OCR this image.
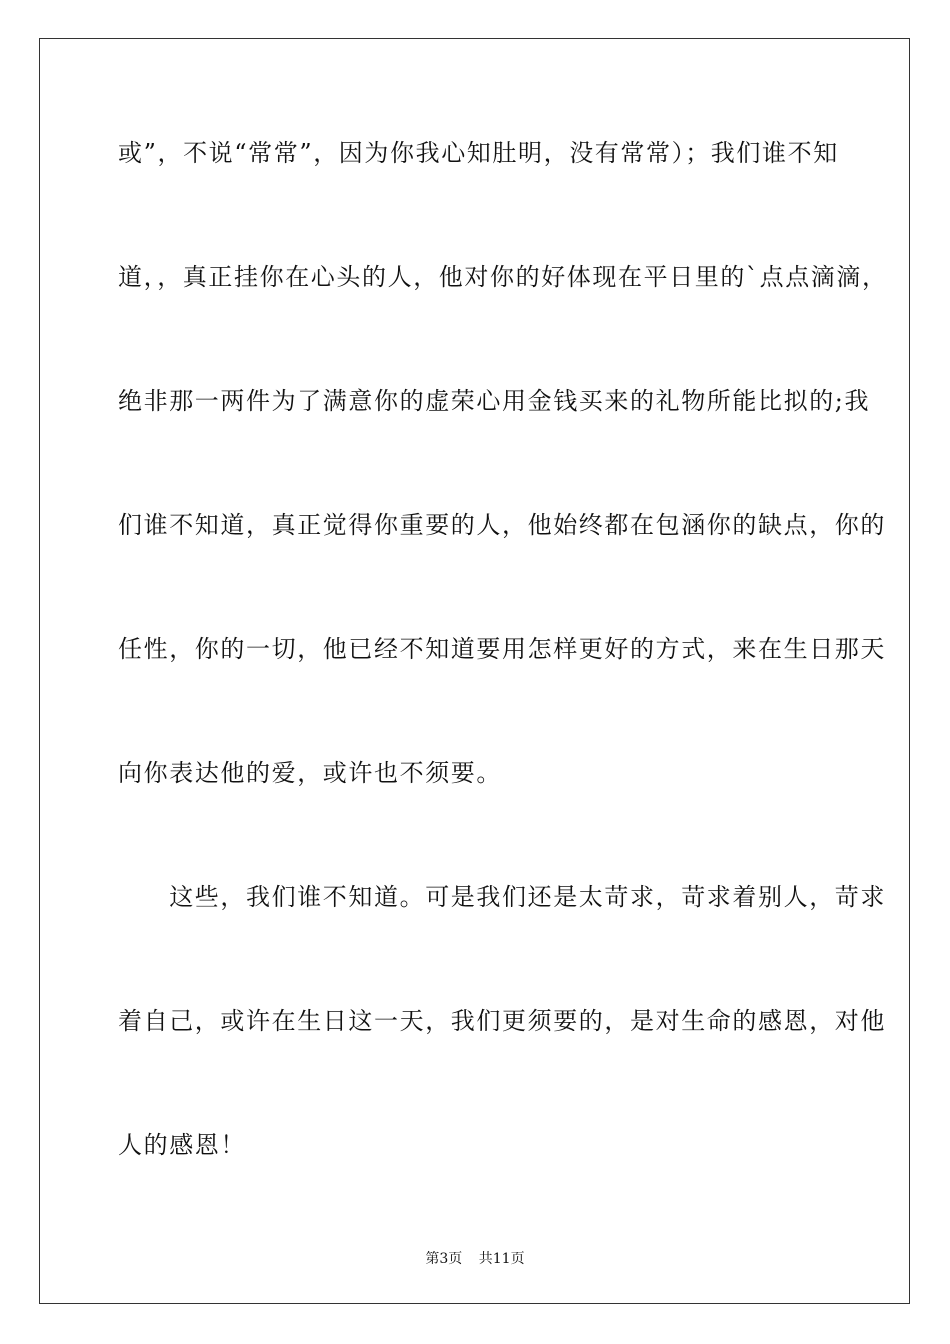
或”，不说“常常”，因为你我心知肚明，没有常常）；我们谁不知
道，，真正挂你在心头的人，他对你的好体现在平日里的`点点滴滴，
绝非那一两件为了满意你的虚荣心用金钱买来的礼物所能比拟的;我
们谁不知道，真正觉得你重要的人，他始终都在包涵你的缺点，你的
任性，你的一切，他已经不知道要用怎样更好的方式，来在生日那天
向你表达他的爱，或许也不须要。
　　这些，我们谁不知道。可是我们还是太苛求，苛求着别人，苛求
着自己，或许在生日这一天，我们更须要的，是对生命的感恩，对他
人的感恩！
第3页 共11页
